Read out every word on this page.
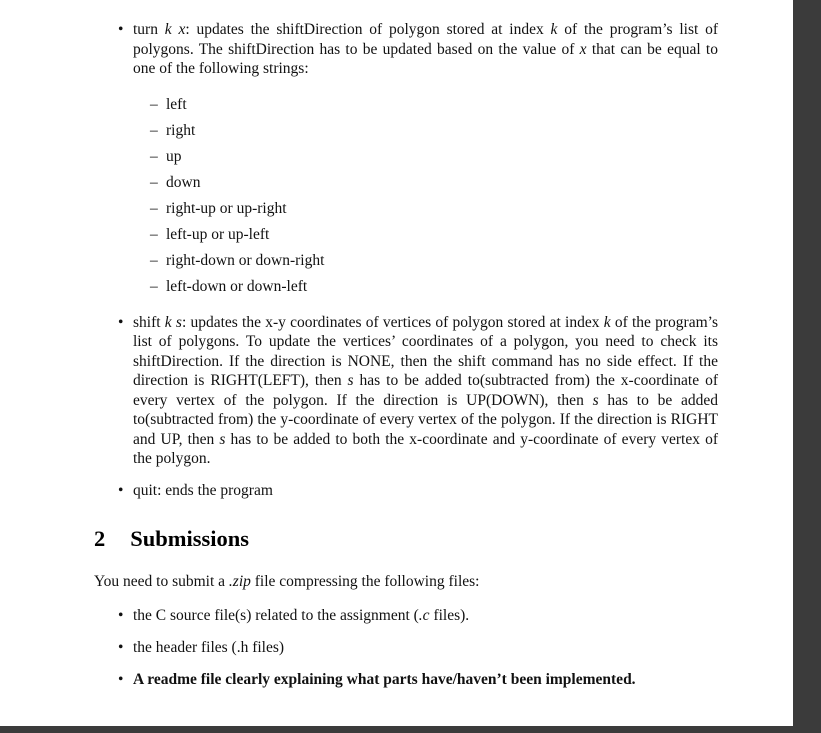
• turn k x: updates the shiftDirection of polygon stored at index k of the program’s list of polygons. The shiftDirection has to be updated based on the value of x that can be equal to one of the following strings:
– left
– right
– up
– down
– right-up or up-right
– left-up or up-left
– right-down or down-right
– left-down or down-left
• shift k s: updates the x-y coordinates of vertices of polygon stored at index k of the program’s list of polygons. To update the vertices’ coordinates of a polygon, you need to check its shiftDirection. If the direction is NONE, then the shift command has no side effect. If the direction is RIGHT(LEFT), then s has to be added to(subtracted from) the x-coordinate of every vertex of the polygon. If the direction is UP(DOWN), then s has to be added to(subtracted from) the y-coordinate of every vertex of the polygon. If the direction is RIGHT and UP, then s has to be added to both the x-coordinate and y-coordinate of every vertex of the polygon.
• quit: ends the program
2 Submissions

You need to submit a .zip file compressing the following files:

• the C source file(s) related to the assignment (.c files).
• the header files (.h files)
• A readme file clearly explaining what parts have/haven’t been implemented.
